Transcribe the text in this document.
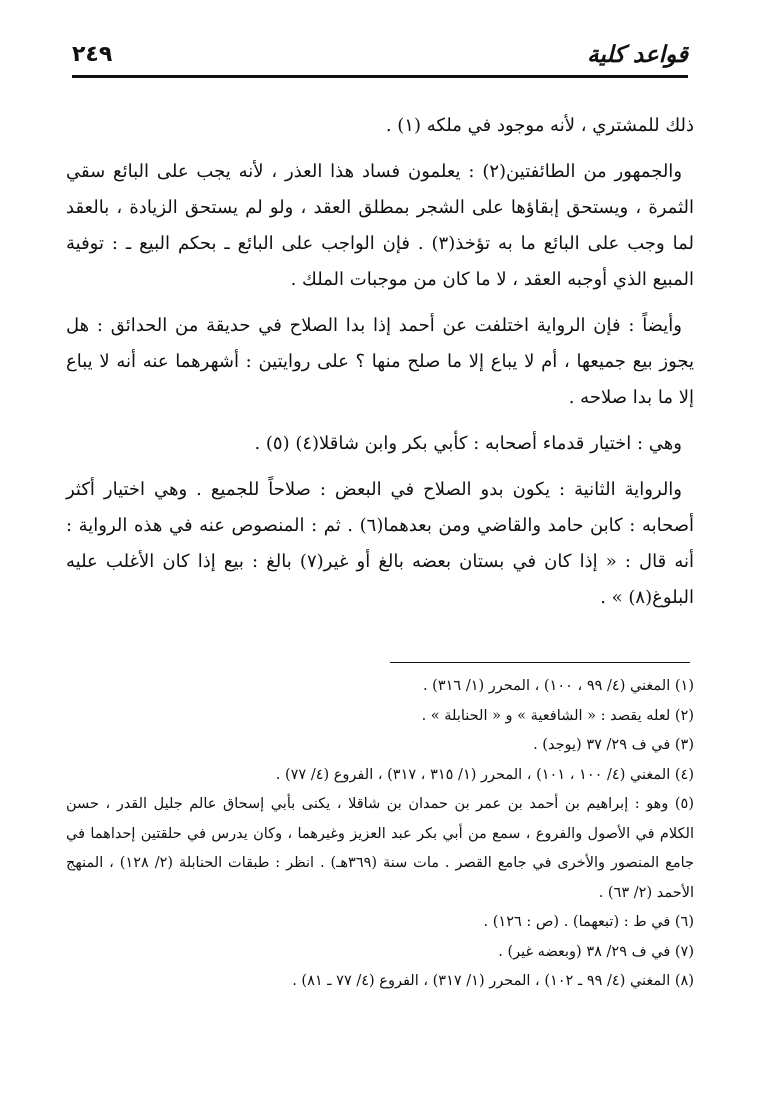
قواعد كلية
٢٤٩

ذلك للمشتري ، لأنه موجود في ملكه (١) .

والجمهور من الطائفتين(٢) : يعلمون فساد هذا العذر ، لأنه يجب على البائع سقي الثمرة ، ويستحق إبقاؤها على الشجر بمطلق العقد ، ولو لم يستحق الزيادة ، بالعقد لما وجب على البائع ما به تؤخذ(٣) . فإن الواجب على البائع ـ بحكم البيع ـ : توفية المبيع الذي أوجبه العقد ، لا ما كان من موجبات الملك .

وأيضاً : فإن الرواية اختلفت عن أحمد إذا بدا الصلاح في حديقة من الحدائق : هل يجوز بيع جميعها ، أم لا يباع إلا ما صلح منها ؟ على روايتين : أشهرهما عنه أنه لا يباع إلا ما بدا صلاحه .

وهي : اختيار قدماء أصحابه : كأبي بكر وابن شاقلا(٤) (٥) .

والرواية الثانية : يكون بدو الصلاح في البعض : صلاحاً للجميع . وهي اختيار أكثر أصحابه : كابن حامد والقاضي ومن بعدهما(٦) . ثم : المنصوص عنه في هذه الرواية : أنه قال : « إذا كان في بستان بعضه بالغ أو غير(٧) بالغ : بيع إذا كان الأغلب عليه البلوغ(٨) » .

(١) المغني (٤/ ٩٩ ، ١٠٠) ، المحرر (١/ ٣١٦) .

(٢) لعله يقصد : « الشافعية » و « الحنابلة » .

(٣) في ف ٢٩/ ٣٧ (يوجد) .

(٤) المغني (٤/ ١٠٠ ، ١٠١) ، المحرر (١/ ٣١٥ ، ٣١٧) ، الفروع (٤/ ٧٧) .

(٥) وهو : إبراهيم بن أحمد بن عمر بن حمدان بن شاقلا ، يكنى بأبي إسحاق عالم جليل القدر ، حسن الكلام في الأصول والفروع ، سمع من أبي بكر عبد العزيز وغيرهما ، وكان يدرس في حلقتين إحداهما في جامع المنصور والأخرى في جامع القصر . مات سنة (٣٦٩هـ) . انظر : طبقات الحنابلة (٢/ ١٢٨) ، المنهج الأحمد (٢/ ٦٣) .

(٦) في ط : (تبعهما) . (ص : ١٢٦) .

(٧) في ف ٢٩/ ٣٨ (وبعضه غير) .

(٨) المغني (٤/ ٩٩ ـ ١٠٢) ، المحرر (١/ ٣١٧) ، الفروع (٤/ ٧٧ ـ ٨١) .
